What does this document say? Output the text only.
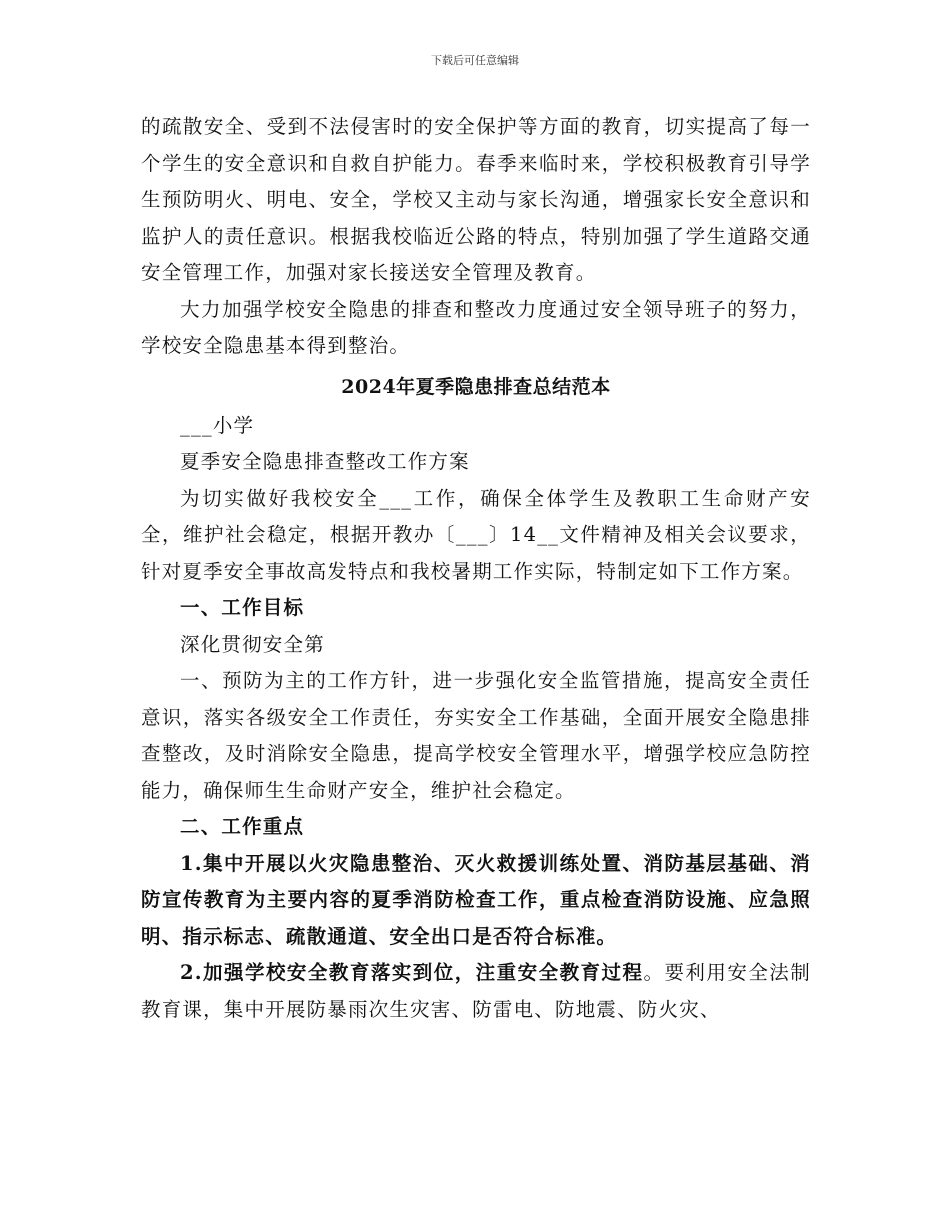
下载后可任意编辑

的疏散安全、受到不法侵害时的安全保护等方面的教育，切实提高了每一个学生的安全意识和自救自护能力。春季来临时来，学校积极教育引导学生预防明火、明电、安全，学校又主动与家长沟通，增强家长安全意识和监护人的责任意识。根据我校临近公路的特点，特别加强了学生道路交通安全管理工作，加强对家长接送安全管理及教育。

大力加强学校安全隐患的排查和整改力度通过安全领导班子的努力，学校安全隐患基本得到整治。

2024年夏季隐患排查总结范本

___小学

夏季安全隐患排查整改工作方案

为切实做好我校安全___工作，确保全体学生及教职工生命财产安全，维护社会稳定，根据开教办〔___〕14__文件精神及相关会议要求，针对夏季安全事故高发特点和我校暑期工作实际，特制定如下工作方案。

一、工作目标

深化贯彻安全第

一、预防为主的工作方针，进一步强化安全监管措施，提高安全责任意识，落实各级安全工作责任，夯实安全工作基础，全面开展安全隐患排查整改，及时消除安全隐患，提高学校安全管理水平，增强学校应急防控能力，确保师生生命财产安全，维护社会稳定。

二、工作重点

1.集中开展以火灾隐患整治、灭火救援训练处置、消防基层基础、消防宣传教育为主要内容的夏季消防检查工作，重点检查消防设施、应急照明、指示标志、疏散通道、安全出口是否符合标准。

2.加强学校安全教育落实到位，注重安全教育过程。要利用安全法制教育课，集中开展防暴雨次生灾害、防雷电、防地震、防火灾、
